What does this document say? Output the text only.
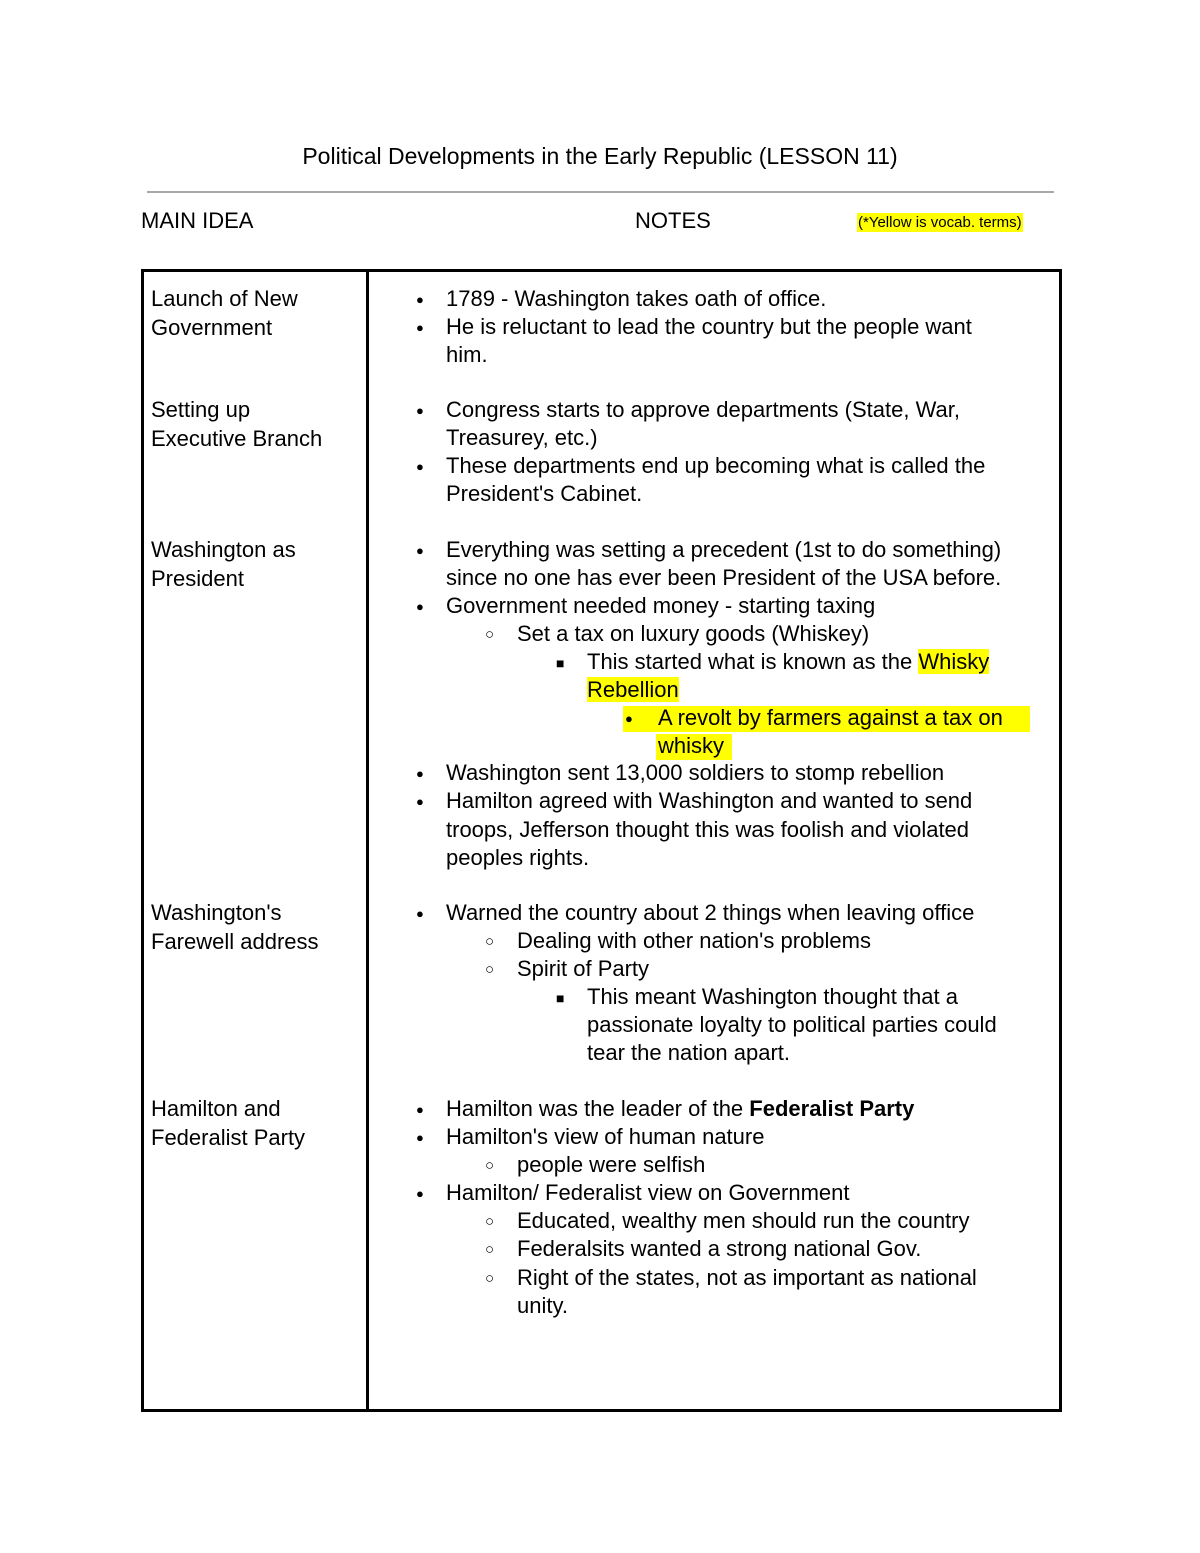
Political Developments in the Early Republic (LESSON 11)
MAIN IDEA	NOTES	(*Yellow is vocab. terms)
Launch of New
Government
● 1789 - Washington takes oath of office.
● He is reluctant to lead the country but the people want
him.
Setting up
Executive Branch
● Congress starts to approve departments (State, War,
Treasurey, etc.)
● These departments end up becoming what is called the
President's Cabinet.
Washington as
President
● Everything was setting a precedent (1st to do something)
since no one has ever been President of the USA before.
● Government needed money - starting taxing
○ Set a tax on luxury goods (Whiskey)
■ This started what is known as the Whisky
Rebellion
● A revolt by farmers against a tax on
whisky
● Washington sent 13,000 soldiers to stomp rebellion
● Hamilton agreed with Washington and wanted to send
troops, Jefferson thought this was foolish and violated
peoples rights.
Washington's
Farewell address
● Warned the country about 2 things when leaving office
○ Dealing with other nation's problems
○ Spirit of Party
■ This meant Washington thought that a
passionate loyalty to political parties could
tear the nation apart.
Hamilton and
Federalist Party
● Hamilton was the leader of the Federalist Party
● Hamilton's view of human nature
○ people were selfish
● Hamilton/ Federalist view on Government
○ Educated, wealthy men should run the country
○ Federalsits wanted a strong national Gov.
○ Right of the states, not as important as national
unity.
